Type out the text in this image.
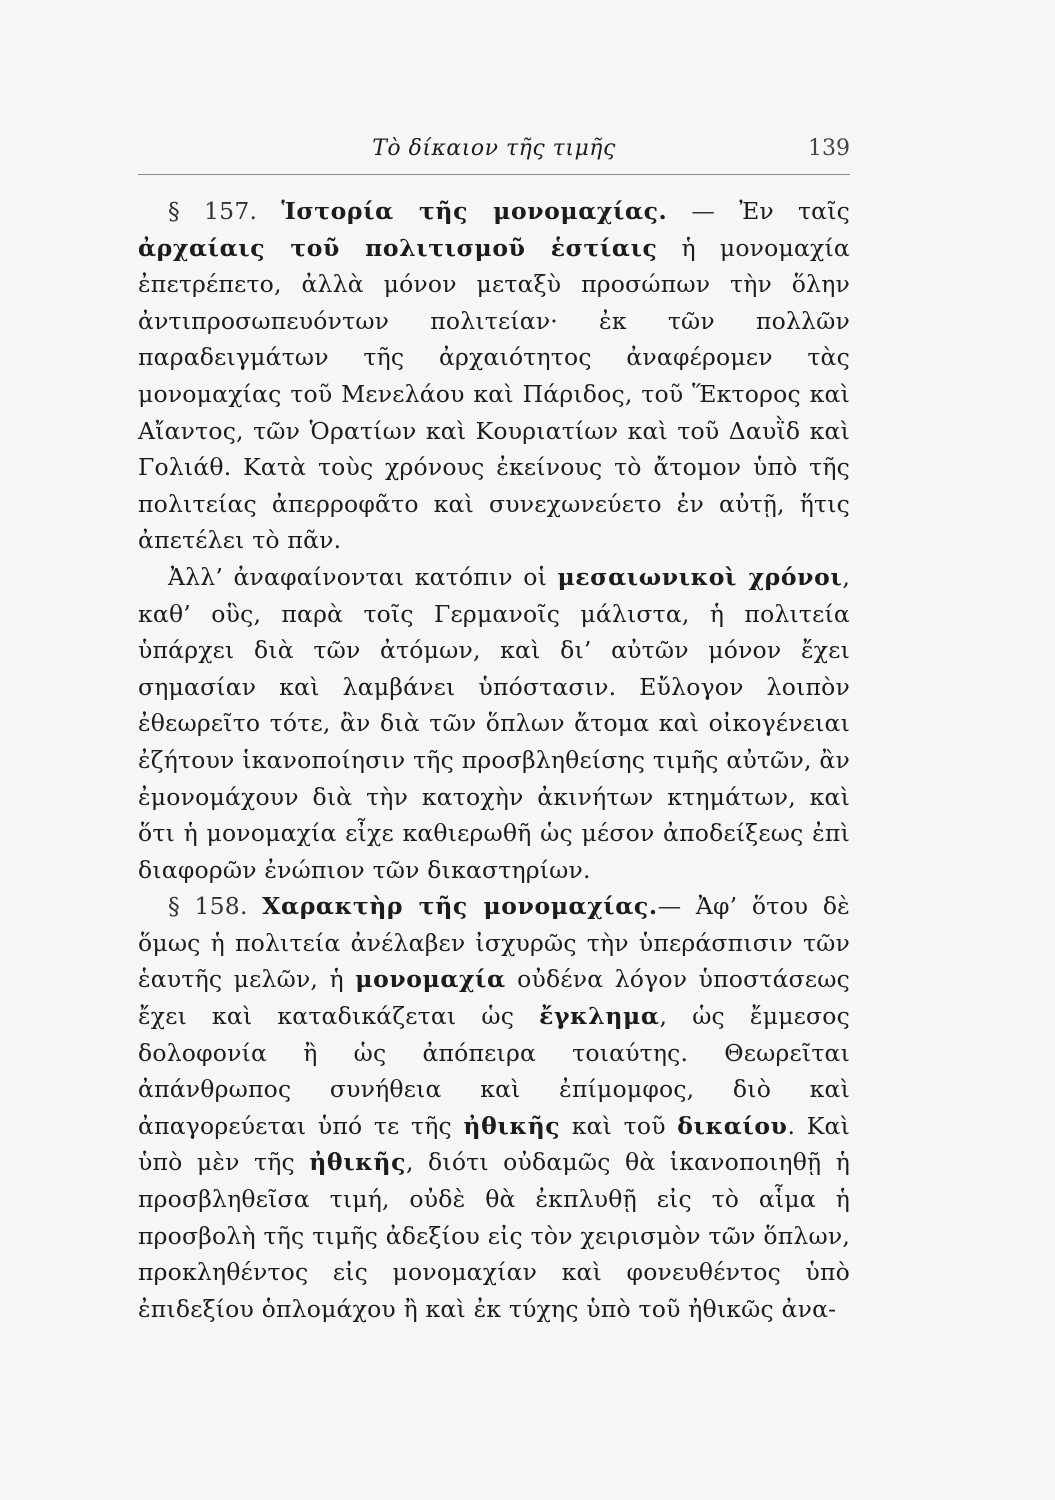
Τὸ δίκαιον τῆς τιμῆς	139

§ 157. Ἱστορία τῆς μονομαχίας. — Ἐν ταῖς ἀρχαίαις τοῦ πολιτισμοῦ ἑστίαις ἡ μονομαχία ἐπετρέπετο, ἀλλὰ μόνον μεταξὺ προσώπων τὴν ὅλην ἀντιπροσωπευόντων πολιτείαν· ἐκ τῶν πολλῶν παραδειγμάτων τῆς ἀρχαιότητος ἀναφέρομεν τὰς μονομαχίας τοῦ Μενελάου καὶ Πάριδος, τοῦ Ἕκτορος καὶ Αἴαντος, τῶν Ὁρατίων καὶ Κουριατίων καὶ τοῦ Δαυῒδ καὶ Γολιάθ. Κατὰ τοὺς χρόνους ἐκείνους τὸ ἄτομον ὑπὸ τῆς πολιτείας ἀπερροφᾶτο καὶ συνεχωνεύετο ἐν αὐτῇ, ἥτις ἀπετέλει τὸ πᾶν.

Ἀλλ’ ἀναφαίνονται κατόπιν οἱ μεσαιωνικοὶ χρόνοι, καθ’ οὓς, παρὰ τοῖς Γερμανοῖς μάλιστα, ἡ πολιτεία ὑπάρχει διὰ τῶν ἀτόμων, καὶ δι’ αὐτῶν μόνον ἔχει σημασίαν καὶ λαμβάνει ὑπόστασιν. Εὔλογον λοιπὸν ἐθεωρεῖτο τότε, ἂν διὰ τῶν ὅπλων ἄτομα καὶ οἰκογένειαι ἐζήτουν ἱκανοποίησιν τῆς προσβληθείσης τιμῆς αὐτῶν, ἂν ἐμονομάχουν διὰ τὴν κατοχὴν ἀκινήτων κτημάτων, καὶ ὅτι ἡ μονομαχία εἶχε καθιερωθῆ ὡς μέσον ἀποδείξεως ἐπὶ διαφορῶν ἐνώπιον τῶν δικαστηρίων.

§ 158. Χαρακτὴρ τῆς μονομαχίας.— Ἀφ’ ὅτου δὲ ὅμως ἡ πολιτεία ἀνέλαβεν ἰσχυρῶς τὴν ὑπεράσπισιν τῶν ἑαυτῆς μελῶν, ἡ μονομαχία οὐδένα λόγον ὑποστάσεως ἔχει καὶ καταδικάζεται ὡς ἔγκλημα, ὡς ἔμμεσος δολοφονία ἢ ὡς ἀπόπειρα τοιαύτης. Θεωρεῖται ἀπάνθρωπος συνήθεια καὶ ἐπίμομφος, διὸ καὶ ἀπαγορεύεται ὑπό τε τῆς ἠθικῆς καὶ τοῦ δικαίου. Καὶ ὑπὸ μὲν τῆς ἠθικῆς, διότι οὐδαμῶς θὰ ἱκανοποιηθῇ ἡ προσβληθεῖσα τιμή, οὐδὲ θὰ ἐκπλυθῇ εἰς τὸ αἷμα ἡ προσβολὴ τῆς τιμῆς ἀδεξίου εἰς τὸν χειρισμὸν τῶν ὅπλων, προκληθέντος εἰς μονομαχίαν καὶ φονευθέντος ὑπὸ ἐπιδεξίου ὁπλομάχου ἢ καὶ ἐκ τύχης ὑπὸ τοῦ ἠθικῶς ἀνα-
